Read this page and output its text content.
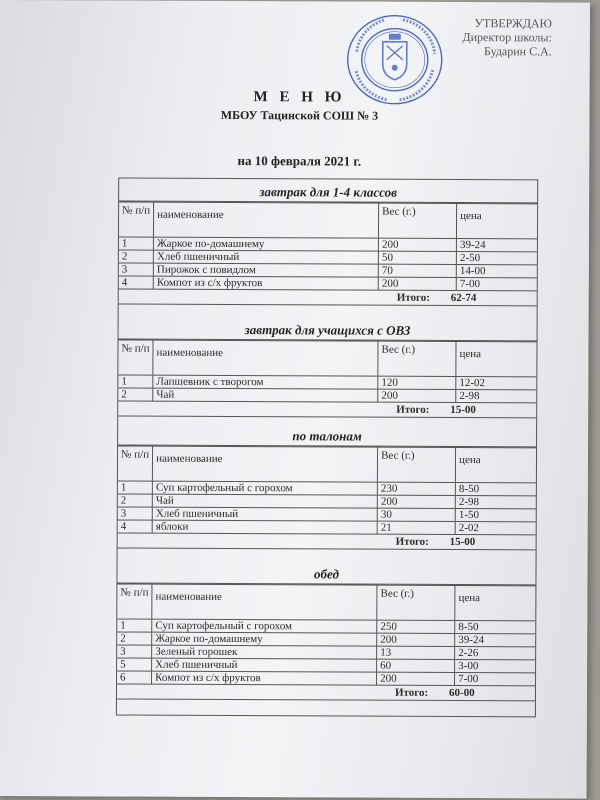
УТВЕРЖДАЮ
Директор школы:
Бударин С.А.
М Е Н Ю
МБОУ Тацинской СОШ № 3
на 10 февраля 2021 г.
завтрак для 1-4 классов
№ п/п	наименование	Вес (г.)	цена
1	Жаркое по-домашнему	200	39-24
2	Хлеб пшеничный	50	2-50
3	Пирожок с повидлом	70	14-00
4	Компот из с/х фруктов	200	7-00
Итого: 62-74
завтрак для учащихся с ОВЗ
№ п/п	наименование	Вес (г.)	цена
1	Лапшевник с творогом	120	12-02
2	Чай	200	2-98
Итого: 15-00
по талонам
№ п/п	наименование	Вес (г.)	цена
1	Суп картофельный с горохом	230	8-50
2	Чай	200	2-98
3	Хлеб пшеничный	30	1-50
4	яблоки	21	2-02
Итого: 15-00
обед
№ п/п	наименование	Вес (г.)	цена
1	Суп картофельный с горохом	250	8-50
2	Жаркое по-домашнему	200	39-24
3	Зеленый горошек	13	2-26
5	Хлеб пшеничный	60	3-00
6	Компот из с/х фруктов	200	7-00
Итого: 60-00
